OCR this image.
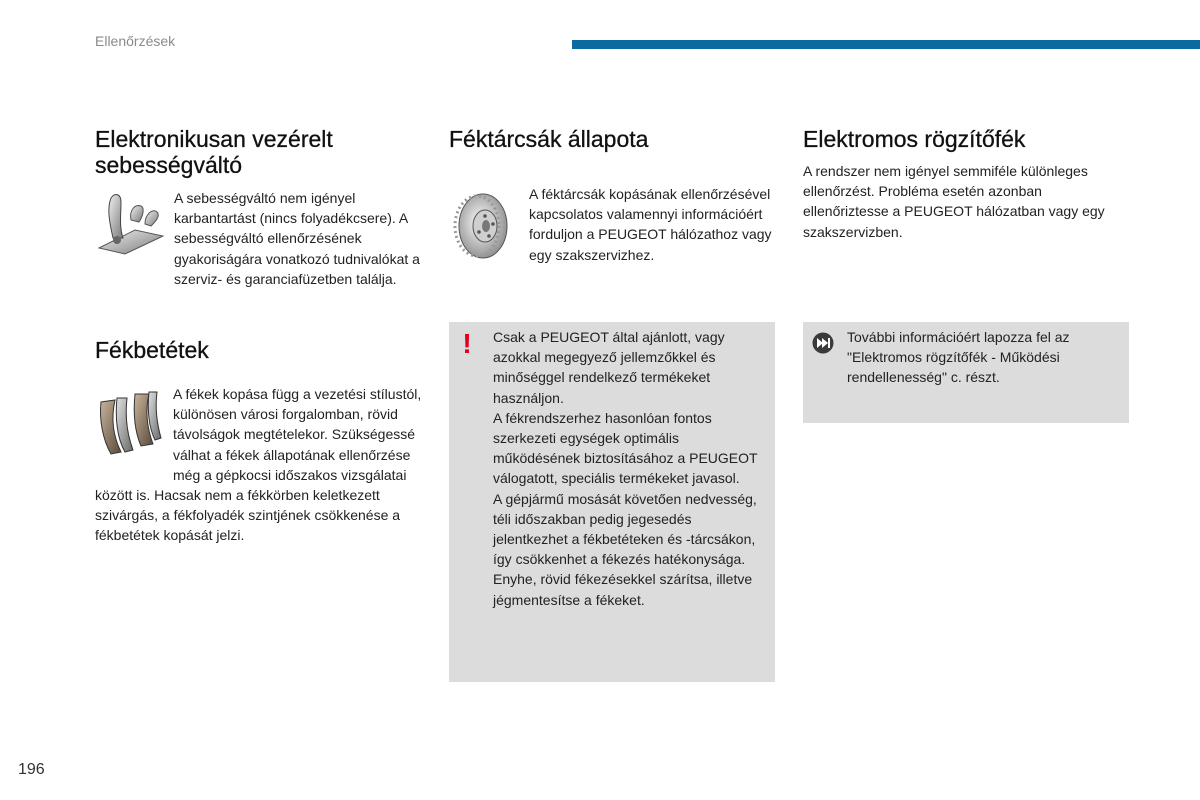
Ellenőrzések
Elektronikusan vezérelt sebességváltó

A sebességváltó nem igényel karbantartást (nincs folyadékcsere). A sebességváltó ellenőrzésének gyakoriságára vonatkozó tudnivalókat a szerviz- és garanciafüzetben találja.

Fékbetétek

A fékek kopása függ a vezetési stílustól, különösen városi forgalomban, rövid távolságok megtételekor. Szükségessé válhat a fékek állapotának ellenőrzése még a gépkocsi időszakos vizsgálatai között is. Hacsak nem a fékkörben keletkezett szivárgás, a fékfolyadék szintjének csökkenése a fékbetétek kopását jelzi.

Féktárcsák állapota

A féktárcsák kopásának ellenőrzésével kapcsolatos valamennyi információért forduljon a PEUGEOT hálózathoz vagy egy szakszervizhez.

! Csak a PEUGEOT által ajánlott, vagy azokkal megegyező jellemzőkkel és minőséggel rendelkező termékeket használjon.

A fékrendszerhez hasonlóan fontos szerkezeti egységek optimális működésének biztosításához a PEUGEOT válogatott, speciális termékeket javasol.

A gépjármű mosását követően nedvesség, téli időszakban pedig jegesedés jelentkezhet a fékbetéteken és -tárcsákon, így csökkenhet a fékezés hatékonysága. Enyhe, rövid fékezésekkel szárítsa, illetve jégmentesítse a fékeket.

Elektromos rögzítőfék

A rendszer nem igényel semmiféle különleges ellenőrzést. Probléma esetén azonban ellenőriztesse a PEUGEOT hálózatban vagy egy szakszervizben.

További információért lapozza fel az "Elektromos rögzítőfék - Működési rendellenesség" c. részt.

196
